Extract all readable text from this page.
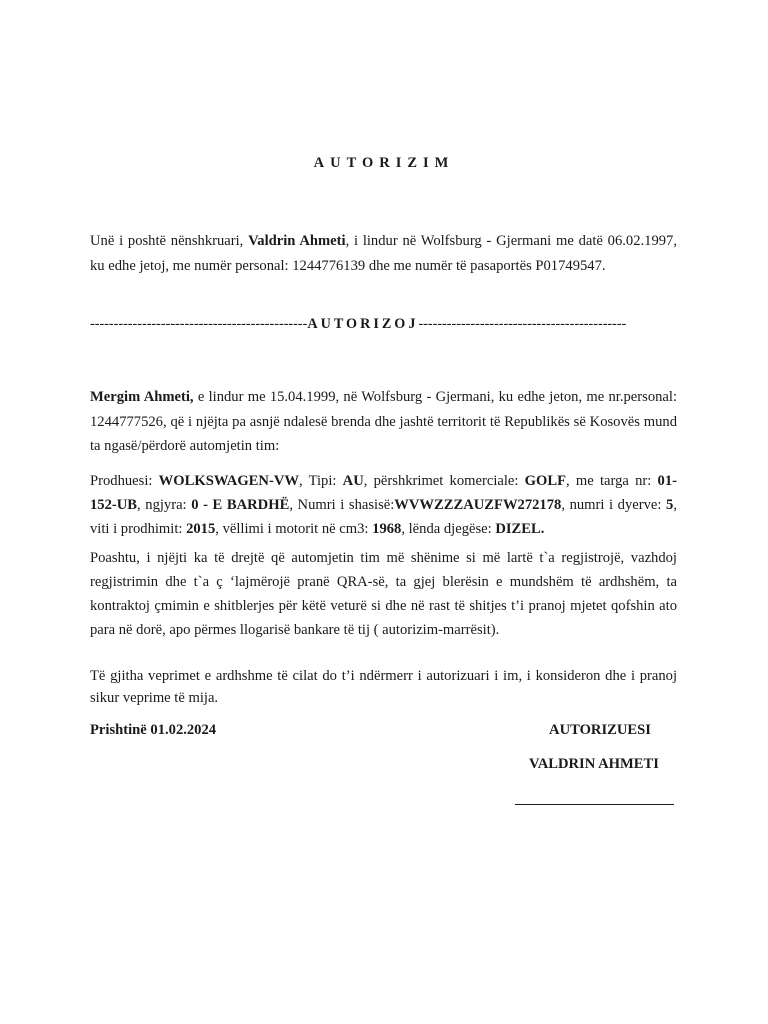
AUTORIZIM
Unë i poshtë nënshkruari, Valdrin Ahmeti, i lindur në Wolfsburg - Gjermani me datë 06.02.1997, ku edhe jetoj, me numër personal: 1244776139 dhe me numër të pasaportës P01749547.
----------------------------------------------AUTORIZOJ--------------------------------------------
Mergim Ahmeti, e lindur me 15.04.1999, në Wolfsburg - Gjermani, ku edhe jeton, me nr.personal: 1244777526, që i njëjta pa asnjë ndalesë brenda dhe jashtë territorit të Republikës së Kosovës mund ta ngasë/përdorë automjetin tim:
Prodhuesi: WOLKSWAGEN-VW, Tipi: AU, përshkrimet komerciale: GOLF, me targa nr: 01-152-UB, ngjyra: 0 - E BARDHË, Numri i shasisë:WVWZZZAUZFW272178, numri i dyerve: 5, viti i prodhimit: 2015, vëllimi i motorit në cm3: 1968, lënda djegëse: DIZEL.
Poashtu, i njëjti ka të drejtë që automjetin tim më shënime si më lartë t`a regjistrojë, vazhdoj regjistrimin dhe t`a ç ‘lajmërojë pranë QRA-së, ta gjej blerësin e mundshëm të ardhshëm, ta kontraktoj çmimin e shitblerjes për këtë veturë si dhe në rast të shitjes t’i pranoj mjetet qofshin ato para në dorë, apo përmes llogarisë bankare të tij ( autorizim-marrësit).
Të gjitha veprimet e ardhshme të cilat do t’i ndërmerr i autorizuari i im, i konsideron dhe i pranoj sikur veprime të mija.
Prishtinë 01.02.2024	AUTORIZUESI
VALDRIN AHMETI
